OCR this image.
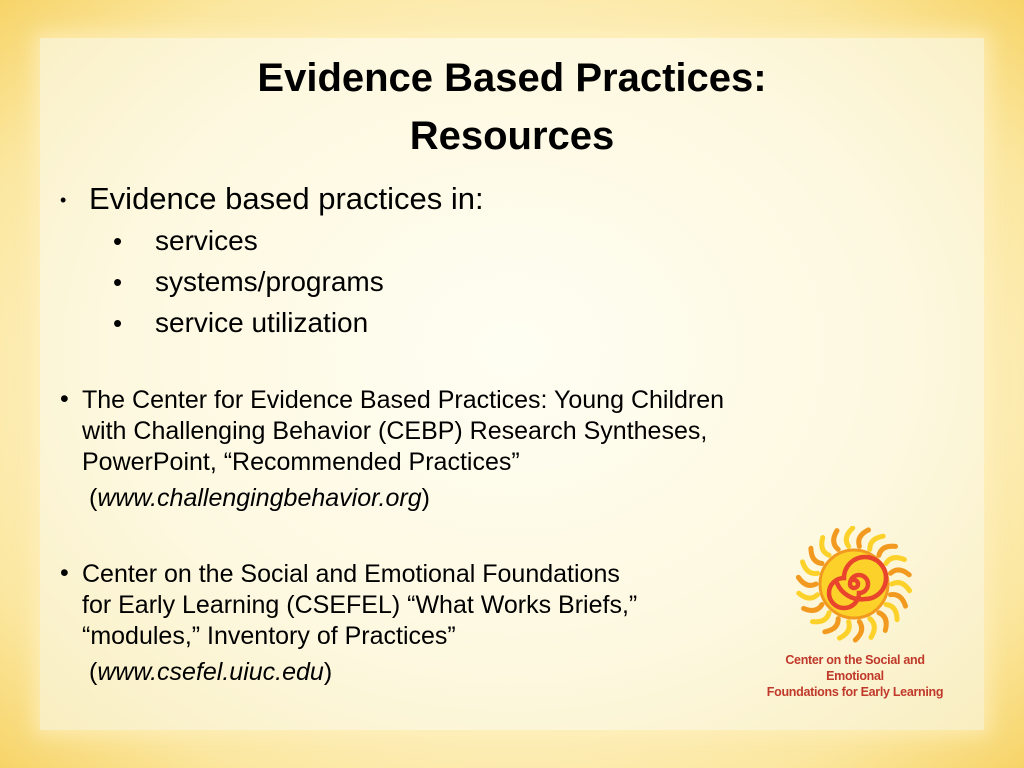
Evidence Based Practices:
Resources
• Evidence based practices in:
• services
• systems/programs
• service utilization
• The Center for Evidence Based Practices: Young Children
with Challenging Behavior (CEBP) Research Syntheses,
PowerPoint, “Recommended Practices”
(www.challengingbehavior.org)
• Center on the Social and Emotional Foundations
for Early Learning (CSEFEL) “What Works Briefs,”
“modules,” Inventory of Practices”
(www.csefel.uiuc.edu)	Center on the Social and Emotional
Foundations for Early Learning
